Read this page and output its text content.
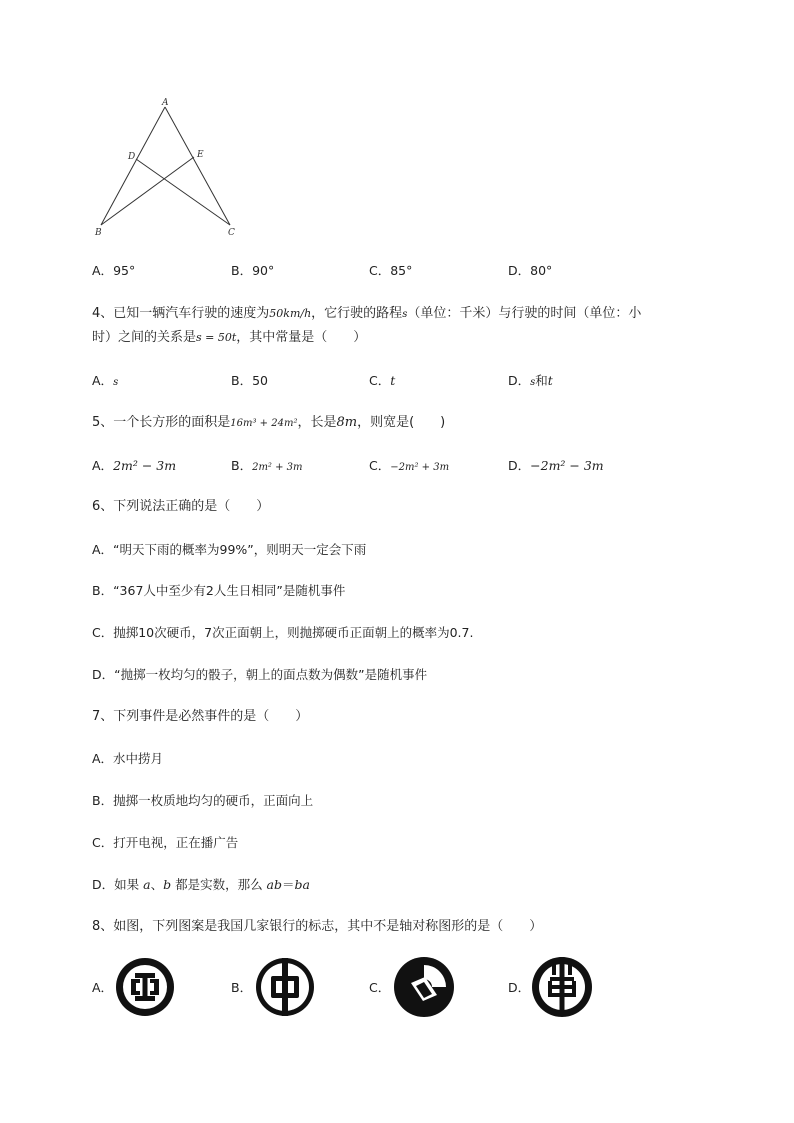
A
D	E
B	C
A．95°	B．90°	C．85°	D．80°
4、已知一辆汽车行驶的速度为50km/h，它行驶的路程s（单位：千米）与行驶的时间（单位：小
时）之间的关系是s = 50t，其中常量是（　　）
A．s	B．50	C．t	D．s和t
5、一个长方形的面积是16m³ + 24m²，长是8m，则宽是(　　)
A．2m² − 3m	B．2m² + 3m	C．−2m² + 3m	D．−2m² − 3m
6、下列说法正确的是（　　）
A．“明天下雨的概率为99%”，则明天一定会下雨
B．“367人中至少有2人生日相同”是随机事件
C．抛掷10次硬币，7次正面朝上，则抛掷硬币正面朝上的概率为0.7.
D．“抛掷一枚均匀的骰子，朝上的面点数为偶数”是随机事件
7、下列事件是必然事件的是（　　）
A．水中捞月
B．抛掷一枚质地均匀的硬币，正面向上
C．打开电视，正在播广告
D．如果 a、b 都是实数，那么 ab＝ba
8、如图，下列图案是我国几家银行的标志，其中不是轴对称图形的是（　　）
A．	B．	C．	D．
